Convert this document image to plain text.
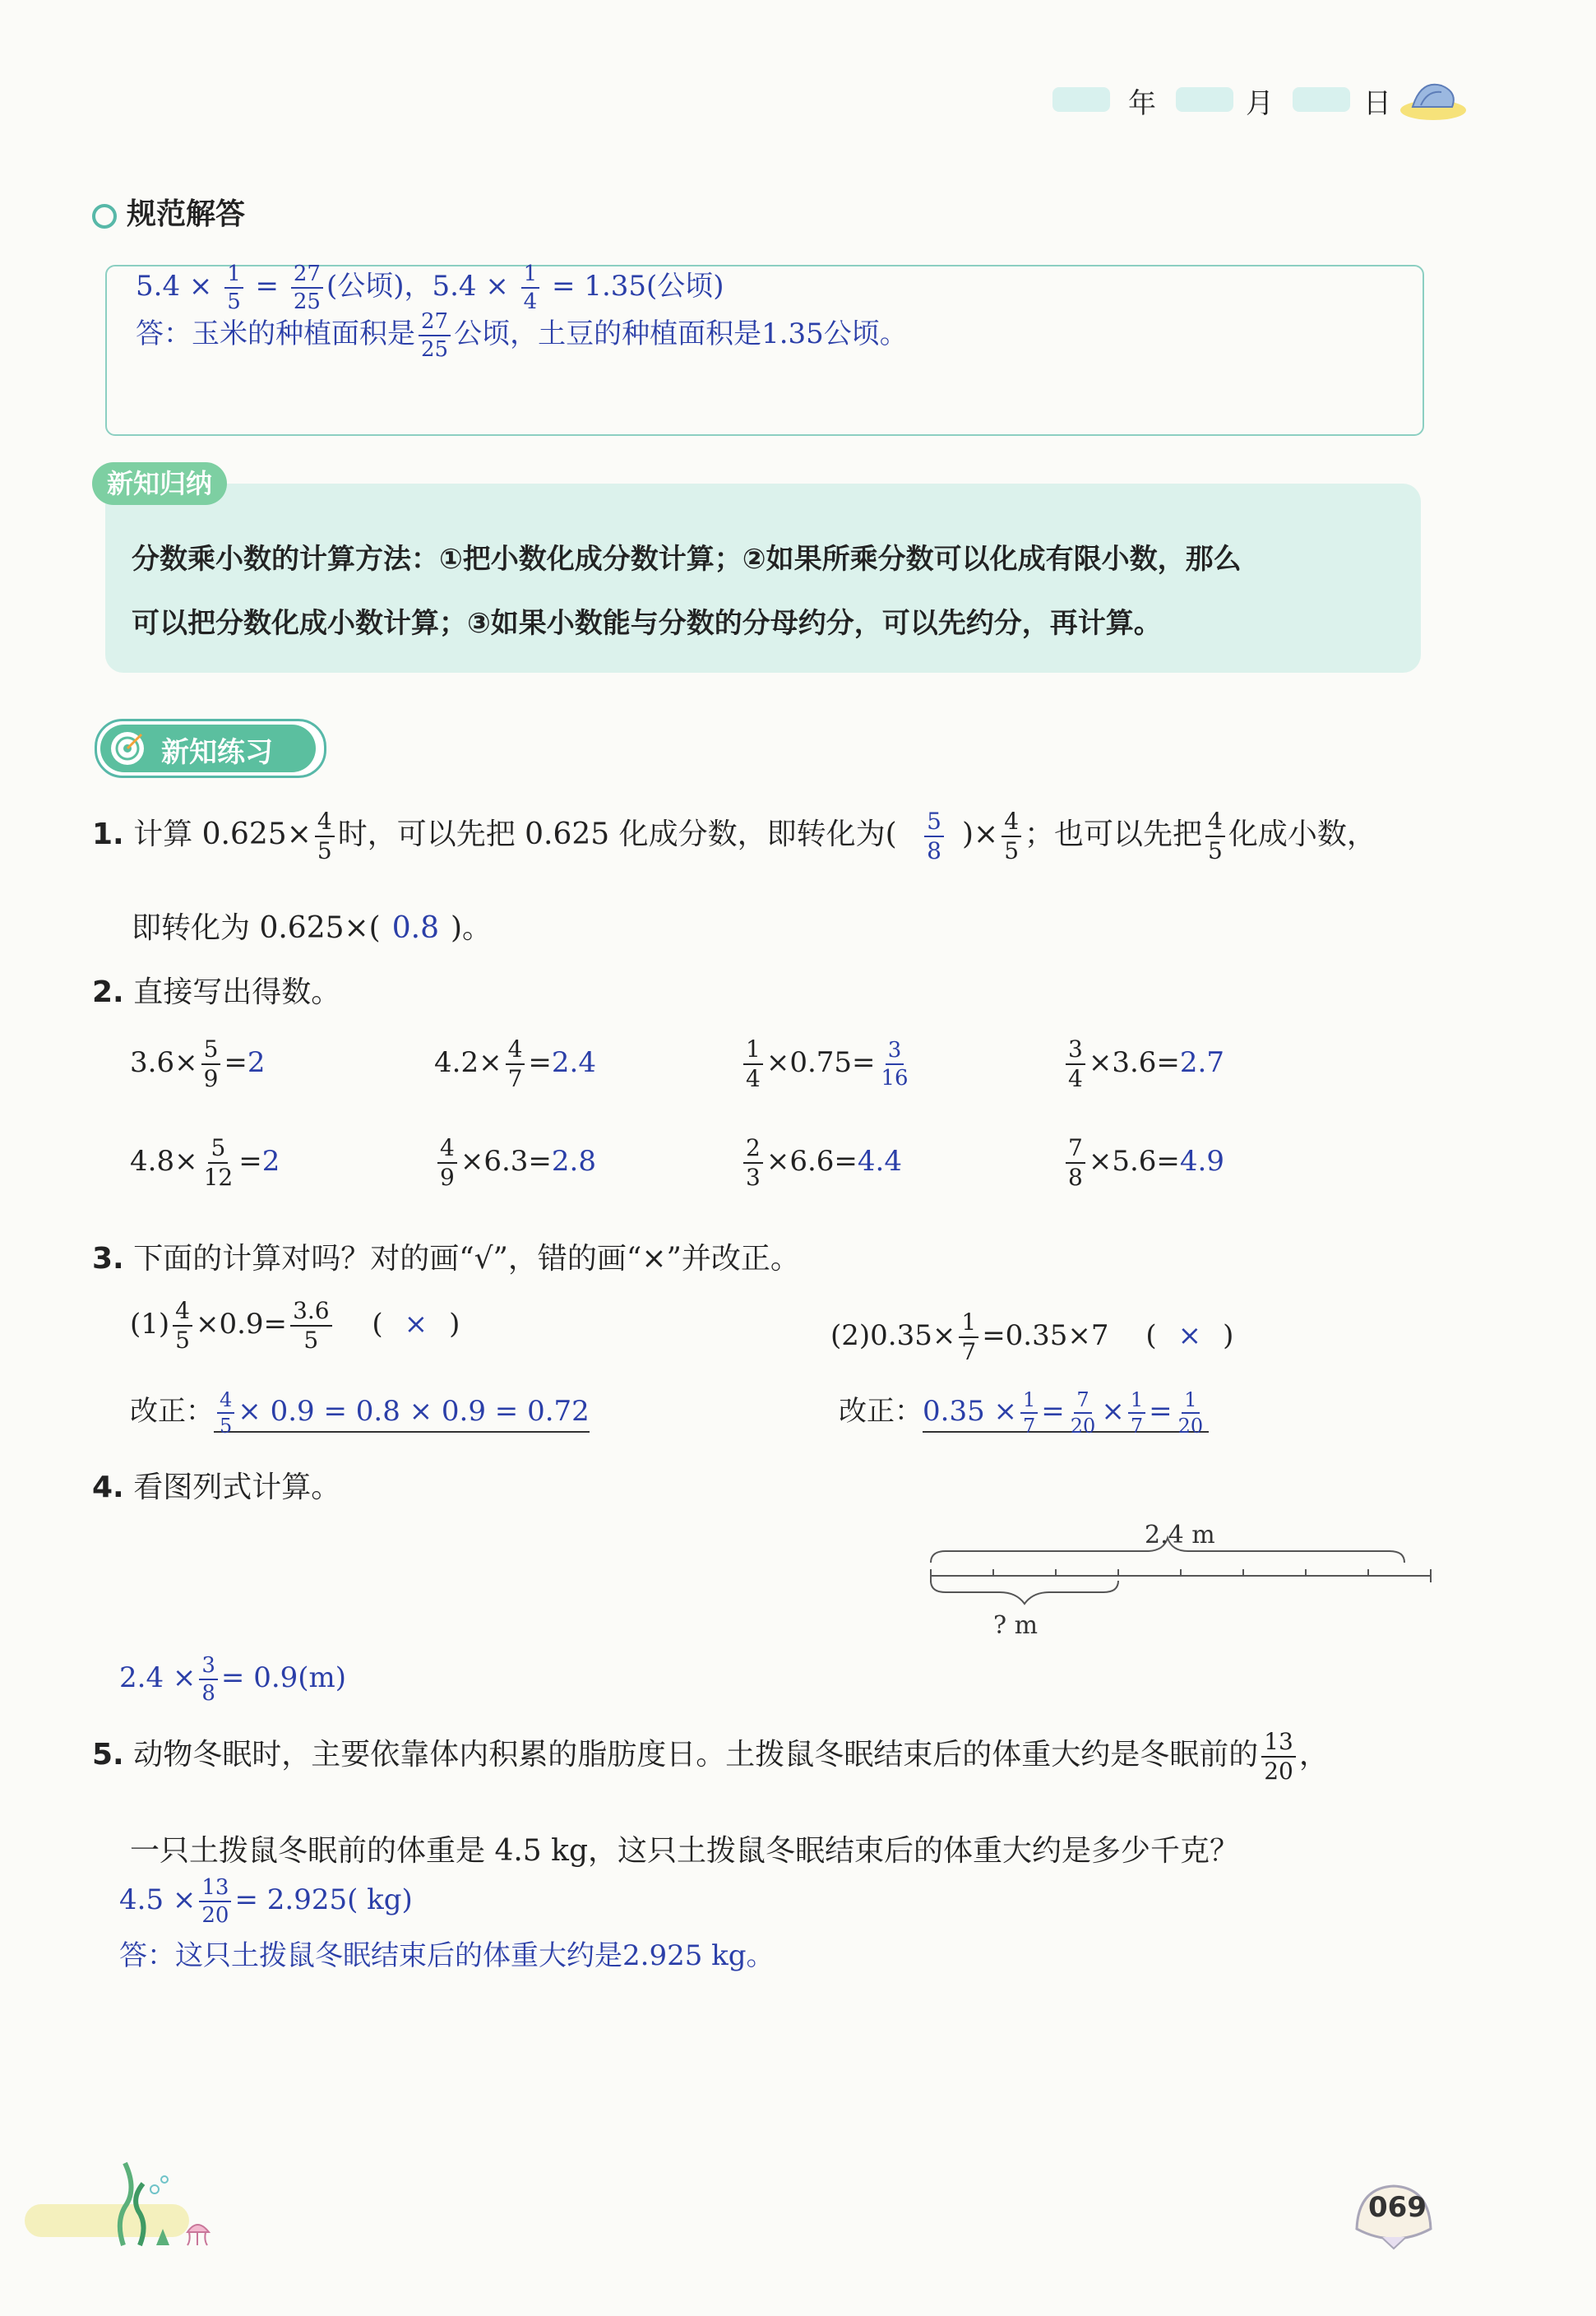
年	月	日
规范解答
$5.4 \times \frac{1}{5} = \frac{27}{25}$ (公顷)，$5.4 \times \frac{1}{4} = 1.35$(公顷)
答：玉米的种植面积是 $\frac{27}{25}$ 公顷，土豆的种植面积是1.35公顷。
新知归纳
分数乘小数的计算方法：①把小数化成分数计算；②如果所乘分数可以化成有限小数，那么
可以把分数化成小数计算；③如果小数能与分数的分母约分，可以先约分，再计算。
新知练习
1. 计算 $0.625\times \frac{4}{5}$ 时，可以先把 0.625 化成分数，即转化为( $\frac{5}{8}$ )× $\frac{4}{5}$ ；也可以先把 $\frac{4}{5}$ 化成小数，
即转化为 0.625×( 0.8 )。
2. 直接写出得数。
$3.6\times \frac{5}{9} =2$	$4.2\times \frac{4}{7} =2.4$	$\frac{1}{4} \times 0.75= \frac{3}{16}$	$\frac{3}{4} \times 3.6=2.7$
$4.8\times \frac{5}{12} =2$	$\frac{4}{9} \times 6.3=2.8$	$\frac{2}{3} \times 6.6=4.4$	$\frac{7}{8} \times 5.6=4.9$
3. 下面的计算对吗？对的画“√”，错的画“×”并改正。
$(1) \frac{4}{5} \times 0.9= \frac{3.6}{5}$ ( × )	$(2)0.35\times \frac{1}{7} =0.35\times 7$ ( × )
改正： $\frac{4}{5} \times 0.9 = 0.8 \times 0.9 = 0.72$	改正：$0.35 \times \frac{1}{7} = \frac{7}{20} \times \frac{1}{7} = \frac{1}{20}$
4. 看图列式计算。
2.4 m
? m
$2.4 \times \frac{3}{8} = 0.9(m)$
5. 动物冬眠时，主要依靠体内积累的脂肪度日。土拨鼠冬眠结束后的体重大约是冬眠前的 $\frac{13}{20}$ ，
一只土拨鼠冬眠前的体重是 4.5 kg，这只土拨鼠冬眠结束后的体重大约是多少千克？
$4.5 \times \frac{13}{20} = 2.925$( kg)
答：这只土拨鼠冬眠结束后的体重大约是2.925 kg。
069
